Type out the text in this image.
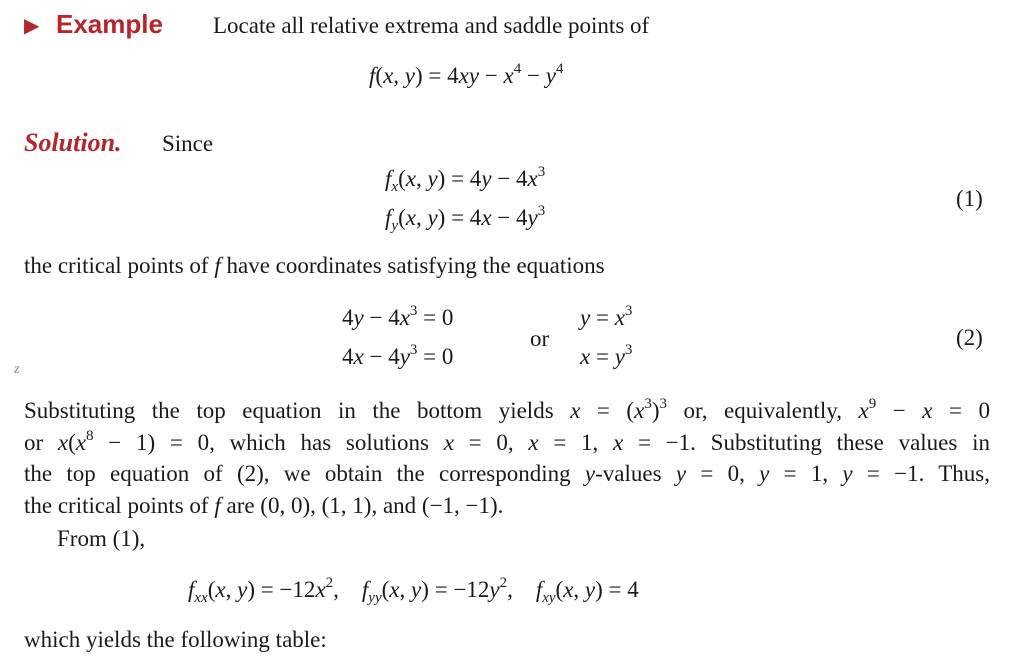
▶ Example Locate all relative extrema and saddle points of
f(x, $y) = 4xy - x^4 - y^4$
Solution. Since
$f_x(x$, $y) = 4y - 4x^3$
$f_y(x$, $y) = 4x - 4y^3$	(1)
the critical points of f have coordinates satisfying the equations
$4y - 4x^3 = 0$
$4x - 4y^3 = 0$
or
$y = x^3$
$x = y^3$	(2)
z
Substituting the top equation in the bottom yields $x = (x^3)^3$ or, equivalently, $x^9 - x = 0$
or $x(x^8 - 1) = 0$, which has solutions x = 0, x = 1, x = −1. Substituting these values in
the top equation of (2), we obtain the corresponding y-values y = 0, y = 1, y = −1. Thus,
the critical points of f are (0, 0), (1, 1), and (−1, −1).
From (1),
$f_{xx}(x$, $y) = -12x^2$,    $f_{yy}(x$, $y) = -12y^2$,    $f_{xy}(x$, y) = 4
which yields the following table:
